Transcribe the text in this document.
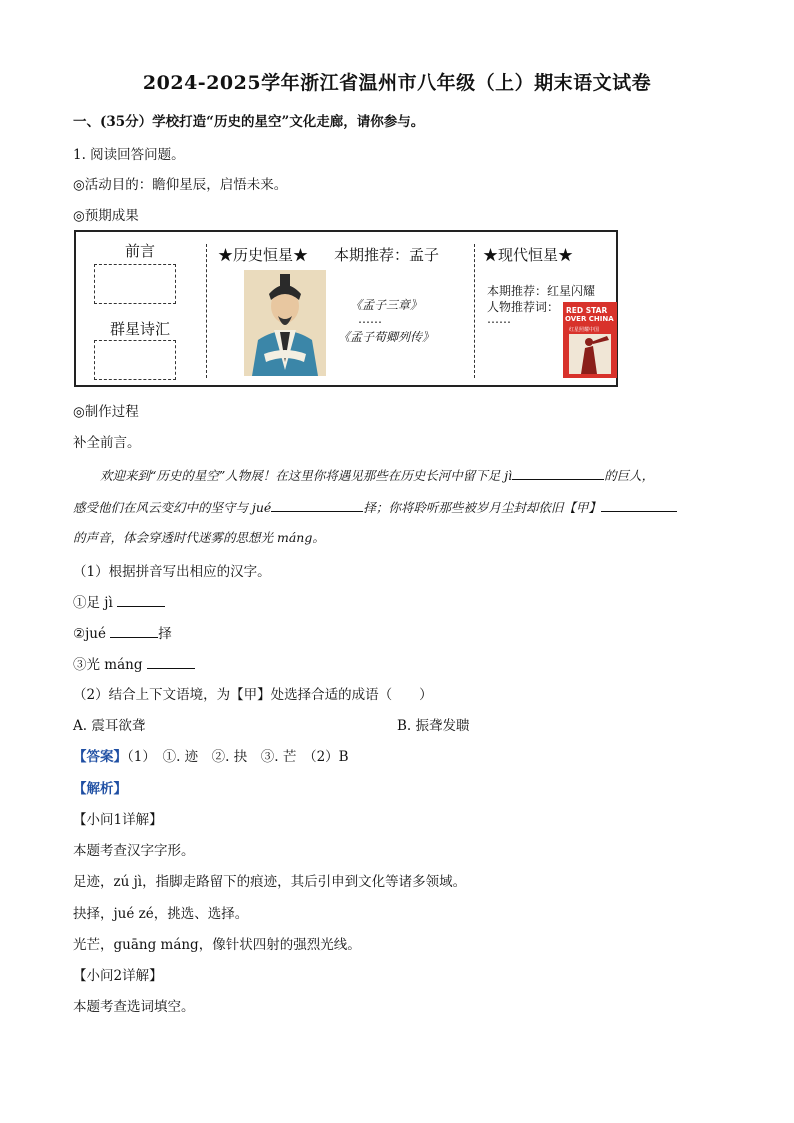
2024-2025学年浙江省温州市八年级（上）期末语文试卷
一、(35分）学校打造“历史的星空”文化走廊，请你参与。
1. 阅读回答问题。
◎活动目的：瞻仰星辰，启悟未来。
◎预期成果
前言
群星诗汇
★历史恒星★ 本期推荐：孟子
《孟子三章》
……
《孟子荀卿列传》
★现代恒星★
本期推荐：红星闪耀
人物推荐词：
……
RED STAR
OVER CHINA
红星照耀中国
◎制作过程
补全前言。
欢迎来到“历史的星空”人物展！在这里你将遇见那些在历史长河中留下足 jì	的巨人，
感受他们在风云变幻中的坚守与 jué	择；你将聆听那些被岁月尘封却依旧【甲】
的声音，体会穿透时代迷雾的思想光 máng。
（1）根据拼音写出相应的汉字。
①足 jì
②jué	择
③光 máng
（2）结合上下文语境，为【甲】处选择合适的成语（　　）
A. 震耳欲聋	B. 振聋发聩
【答案】（1）　①. 迹　②. 抉　③. 芒　（2）B
【解析】
【小问1详解】
本题考查汉字字形。
足迹，zú jì，指脚走路留下的痕迹，其后引申到文化等诸多领域。
抉择，jué zé，挑选、选择。
光芒，guāng máng，像针状四射的强烈光线。
【小问2详解】
本题考查选词填空。
